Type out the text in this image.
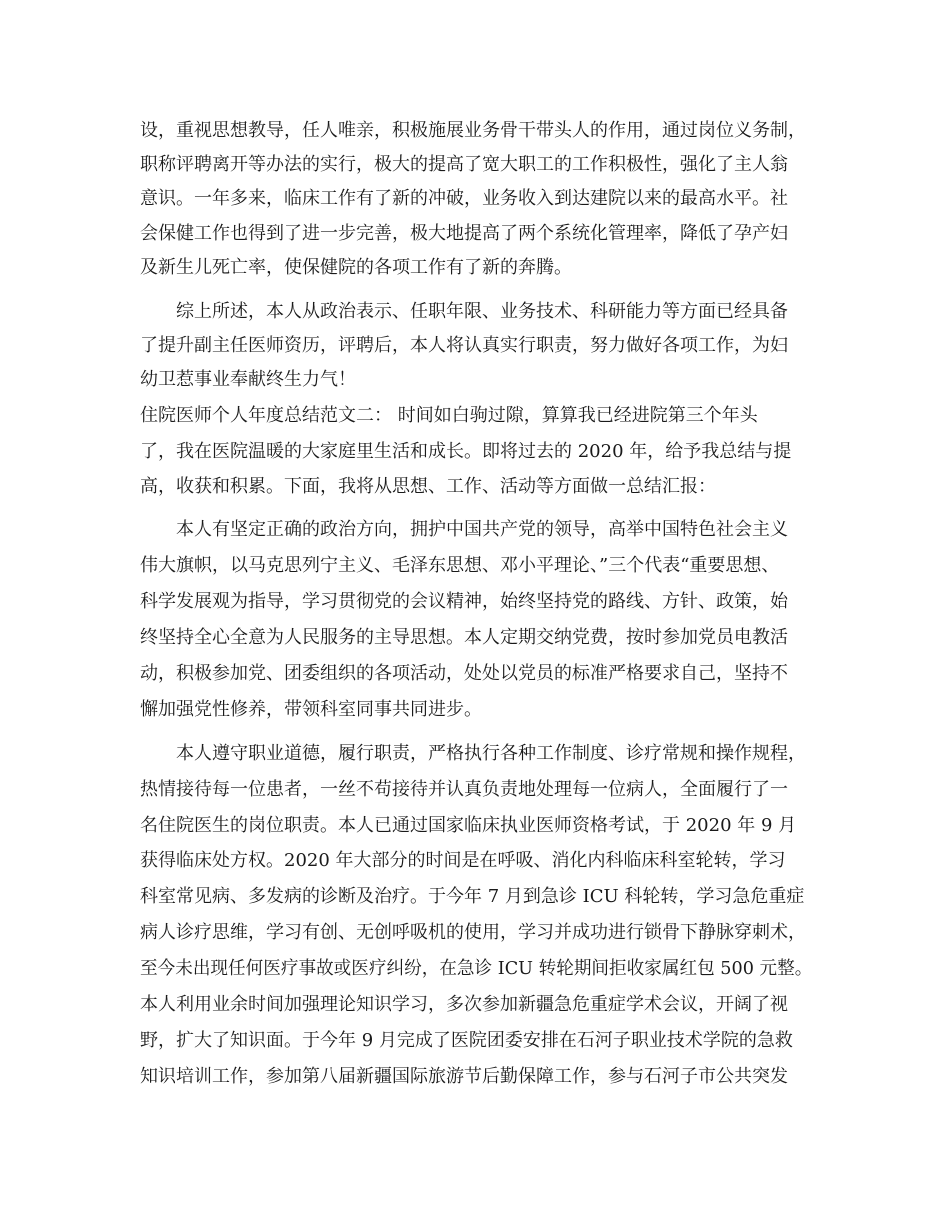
设，重视思想教导，任人唯亲，积极施展业务骨干带头人的作用，通过岗位义务制，
职称评聘离开等办法的实行，极大的提高了宽大职工的工作积极性，强化了主人翁
意识。一年多来，临床工作有了新的冲破，业务收入到达建院以来的最高水平。社
会保健工作也得到了进一步完善，极大地提高了两个系统化管理率，降低了孕产妇
及新生儿死亡率，使保健院的各项工作有了新的奔腾。
综上所述，本人从政治表示、任职年限、业务技术、科研能力等方面已经具备
了提升副主任医师资历，评聘后，本人将认真实行职责，努力做好各项工作，为妇
幼卫惹事业奉献终生力气！
住院医师个人年度总结范文二： 时间如白驹过隙，算算我已经进院第三个年头
了，我在医院温暖的大家庭里生活和成长。即将过去的 2020 年，给予我总结与提
高，收获和积累。下面，我将从思想、工作、活动等方面做一总结汇报：
本人有坚定正确的政治方向，拥护中国共产党的领导，高举中国特色社会主义
伟大旗帜，以马克思列宁主义、毛泽东思想、邓小平理论、”三个代表“重要思想、
科学发展观为指导，学习贯彻党的会议精神，始终坚持党的路线、方针、政策，始
终坚持全心全意为人民服务的主导思想。本人定期交纳党费，按时参加党员电教活
动，积极参加党、团委组织的各项活动，处处以党员的标准严格要求自己，坚持不
懈加强党性修养，带领科室同事共同进步。
本人遵守职业道德，履行职责，严格执行各种工作制度、诊疗常规和操作规程，
热情接待每一位患者，一丝不苟接待并认真负责地处理每一位病人，全面履行了一
名住院医生的岗位职责。本人已通过国家临床执业医师资格考试，于 2020 年 9 月
获得临床处方权。2020 年大部分的时间是在呼吸、消化内科临床科室轮转，学习
科室常见病、多发病的诊断及治疗。于今年 7 月到急诊 ICU 科轮转，学习急危重症
病人诊疗思维，学习有创、无创呼吸机的使用，学习并成功进行锁骨下静脉穿刺术，
至今未出现任何医疗事故或医疗纠纷，在急诊 ICU 转轮期间拒收家属红包 500 元整。
本人利用业余时间加强理论知识学习，多次参加新疆急危重症学术会议，开阔了视
野，扩大了知识面。于今年 9 月完成了医院团委安排在石河子职业技术学院的急救
知识培训工作，参加第八届新疆国际旅游节后勤保障工作，参与石河子市公共突发
